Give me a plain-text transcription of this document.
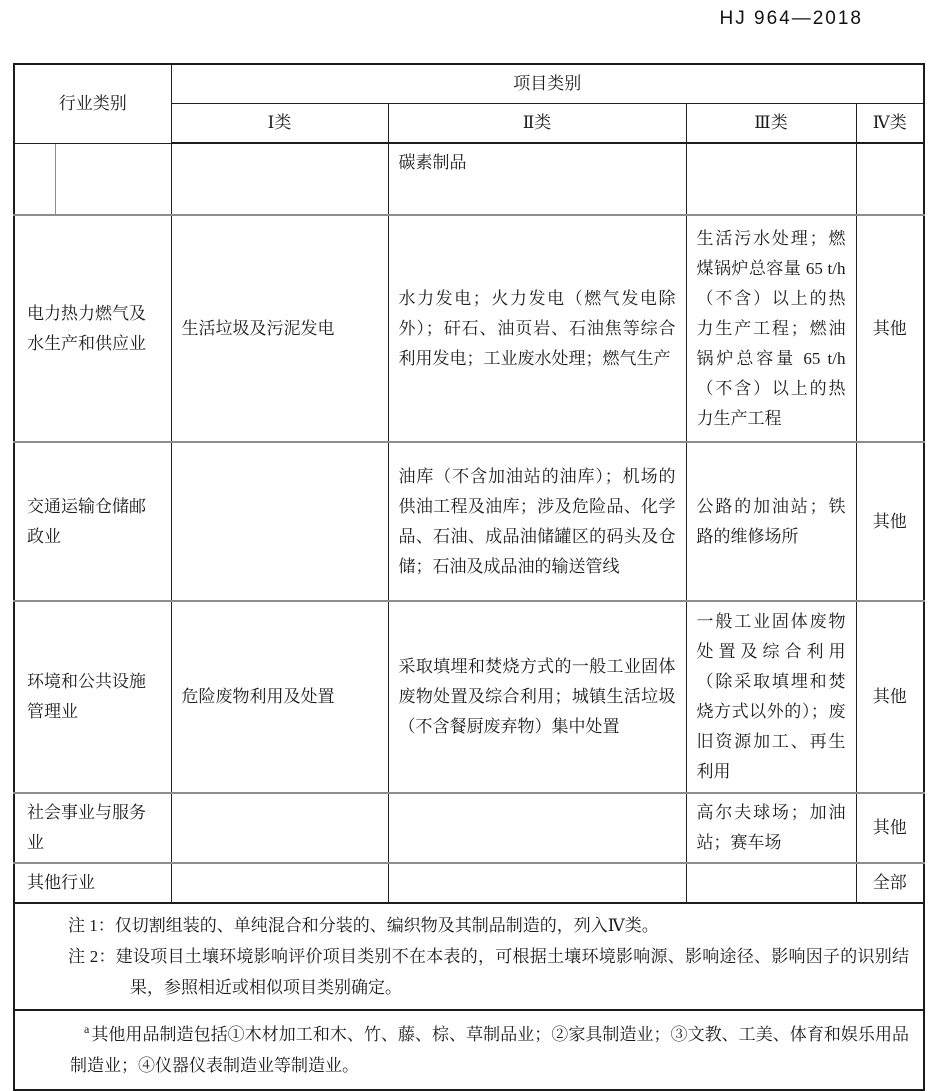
HJ 964—2018
行业类别	项目类别			
	Ⅰ类	Ⅱ类	Ⅲ类	Ⅳ类

		碳素制品		
电力热力燃气及水生产和供应业	生活垃圾及污泥发电	水力发电；火力发电（燃气发电除外）；矸石、油页岩、石油焦等综合利用发电；工业废水处理；燃气生产	生活污水处理；燃煤锅炉总容量 65 t/h（不含）以上的热力生产工程；燃油锅炉总容量 65 t/h（不含）以上的热力生产工程	其他
交通运输仓储邮政业		油库（不含加油站的油库）；机场的供油工程及油库；涉及危险品、化学品、石油、成品油储罐区的码头及仓储；石油及成品油的输送管线	公路的加油站；铁路的维修场所	其他
环境和公共设施管理业	危险废物利用及处置	采取填埋和焚烧方式的一般工业固体废物处置及综合利用；城镇生活垃圾（不含餐厨废弃物）集中处置	一般工业固体废物处置及综合利用（除采取填埋和焚烧方式以外的）；废旧资源加工、再生利用	其他
社会事业与服务业			高尔夫球场；加油站；赛车场	其他
其他行业				全部

注 1：仅切割组装的、单纯混合和分装的、编织物及其制品制造的，列入Ⅳ类。

注 2：建设项目土壤环境影响评价项目类别不在本表的，可根据土壤环境影响源、影响途径、影响因子的识别结果，参照相近或相似项目类别确定。				

$^a$ 其他用品制造包括①木材加工和木、竹、藤、棕、草制品业；②家具制造业；③文教、工美、体育和娱乐用品制造业；④仪器仪表制造业等制造业。				
